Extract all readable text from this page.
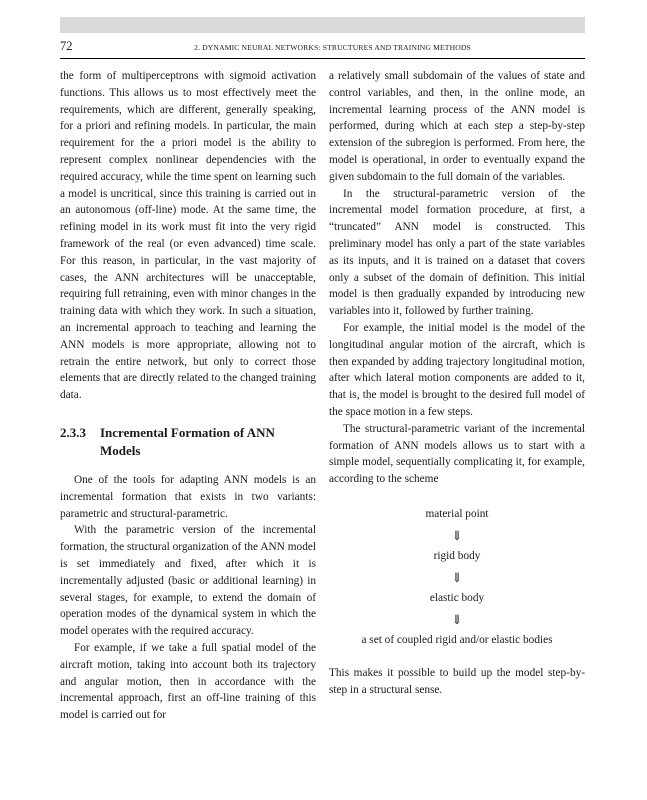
72	2. DYNAMIC NEURAL NETWORKS: STRUCTURES AND TRAINING METHODS

the form of multiperceptrons with sigmoid activation functions. This allows us to most effectively meet the requirements, which are different, generally speaking, for a priori and refining models. In particular, the main requirement for the a priori model is the ability to represent complex nonlinear dependencies with the required accuracy, while the time spent on learning such a model is uncritical, since this training is carried out in an autonomous (off-line) mode. At the same time, the refining model in its work must fit into the very rigid framework of the real (or even advanced) time scale. For this reason, in particular, in the vast majority of cases, the ANN architectures will be unacceptable, requiring full retraining, even with minor changes in the training data with which they work. In such a situation, an incremental approach to teaching and learning the ANN models is more appropriate, allowing not to retrain the entire network, but only to correct those elements that are directly related to the changed training data.

2.3.3	Incremental Formation of ANN Models

One of the tools for adapting ANN models is an incremental formation that exists in two variants: parametric and structural-parametric.

With the parametric version of the incremental formation, the structural organization of the ANN model is set immediately and fixed, after which it is incrementally adjusted (basic or additional learning) in several stages, for example, to extend the domain of operation modes of the dynamical system in which the model operates with the required accuracy.

For example, if we take a full spatial model of the aircraft motion, taking into account both its trajectory and angular motion, then in accordance with the incremental approach, first an off-line training of this model is carried out for

a relatively small subdomain of the values of state and control variables, and then, in the online mode, an incremental learning process of the ANN model is performed, during which at each step a step-by-step extension of the subregion is performed. From here, the model is operational, in order to eventually expand the given subdomain to the full domain of the variables.

In the structural-parametric version of the incremental model formation procedure, at first, a “truncated” ANN model is constructed. This preliminary model has only a part of the state variables as its inputs, and it is trained on a dataset that covers only a subset of the domain of definition. This initial model is then gradually expanded by introducing new variables into it, followed by further training.

For example, the initial model is the model of the longitudinal angular motion of the aircraft, which is then expanded by adding trajectory longitudinal motion, after which lateral motion components are added to it, that is, the model is brought to the desired full model of the space motion in a few steps.

The structural-parametric variant of the incremental formation of ANN models allows us to start with a simple model, sequentially complicating it, for example, according to the scheme

material point
⇓
rigid body
⇓
elastic body
⇓
a set of coupled rigid and/or elastic bodies

This makes it possible to build up the model step-by-step in a structural sense.
